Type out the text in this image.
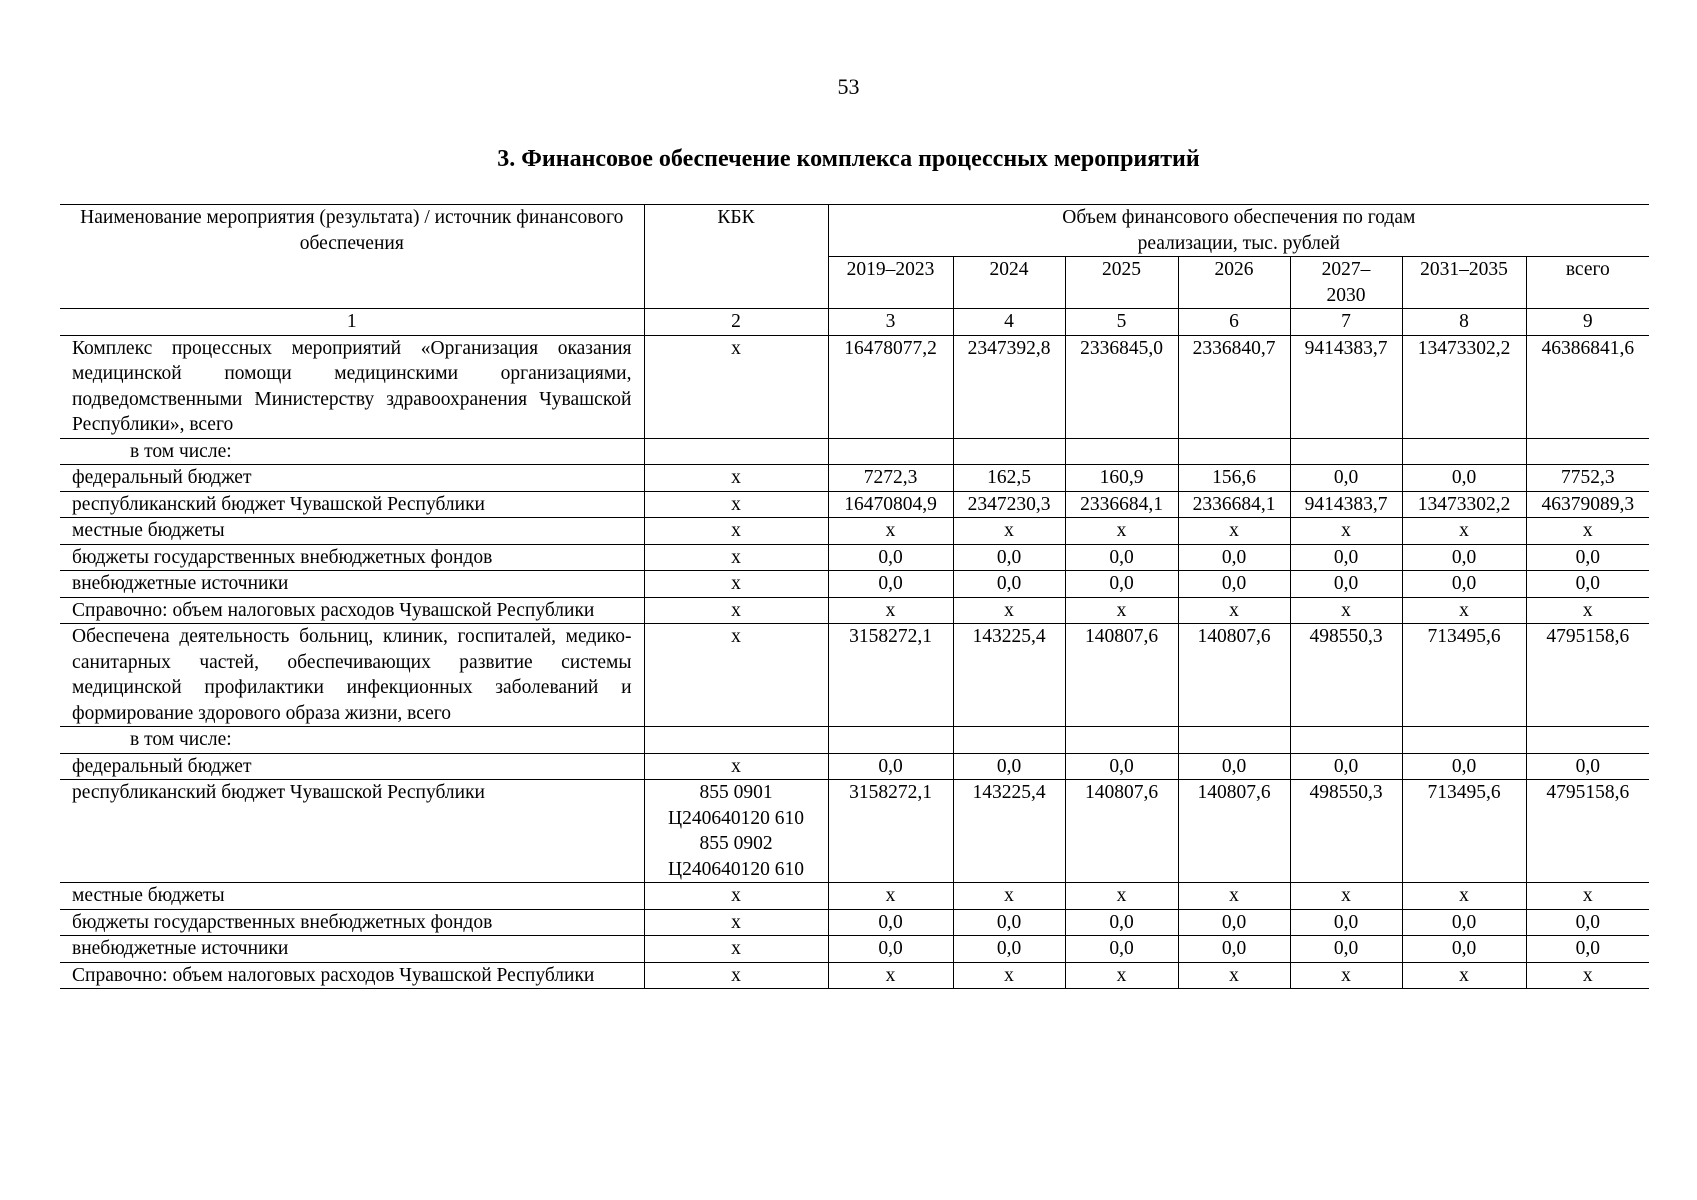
53
3. Финансовое обеспечение комплекса процессных мероприятий
Наименование мероприятия (результата) / источник финансового обеспечения	КБК	Объем финансового обеспечения по годам реализации, тыс. рублей						
		2019–2023	2024	2025	2026	2027–2030	2031–2035	всего
1	2	3	4	5	6	7	8	9
Комплекс процессных мероприятий «Организация оказания медицинской помощи медицинскими организациями, подведомственными Министерству здравоохранения Чувашской Республики», всего	x	16478077,2	2347392,8	2336845,0	2336840,7	9414383,7	13473302,2	46386841,6
в том числе:								
федеральный бюджет	x	7272,3	162,5	160,9	156,6	0,0	0,0	7752,3
республиканский бюджет Чувашской Республики	x	16470804,9	2347230,3	2336684,1	2336684,1	9414383,7	13473302,2	46379089,3
местные бюджеты	x	x	x	x	x	x	x	x
бюджеты государственных внебюджетных фондов	x	0,0	0,0	0,0	0,0	0,0	0,0	0,0
внебюджетные источники	x	0,0	0,0	0,0	0,0	0,0	0,0	0,0
Справочно: объем налоговых расходов Чувашской Республики	x	x	x	x	x	x	x	x
Обеспечена деятельность больниц, клиник, госпиталей, медико-санитарных частей, обеспечивающих развитие системы медицинской профилактики инфекционных заболеваний и формирование здорового образа жизни, всего	x	3158272,1	143225,4	140807,6	140807,6	498550,3	713495,6	4795158,6
в том числе:								
федеральный бюджет	x	0,0	0,0	0,0	0,0	0,0	0,0	0,0
республиканский бюджет Чувашской Республики	855 0901
Ц240640120 610
855 0902
Ц240640120 610	3158272,1	143225,4	140807,6	140807,6	498550,3	713495,6	4795158,6
местные бюджеты	x	x	x	x	x	x	x	x
бюджеты государственных внебюджетных фондов	x	0,0	0,0	0,0	0,0	0,0	0,0	0,0
внебюджетные источники	x	0,0	0,0	0,0	0,0	0,0	0,0	0,0
Справочно: объем налоговых расходов Чувашской Республики	x	x	x	x	x	x	x	x
